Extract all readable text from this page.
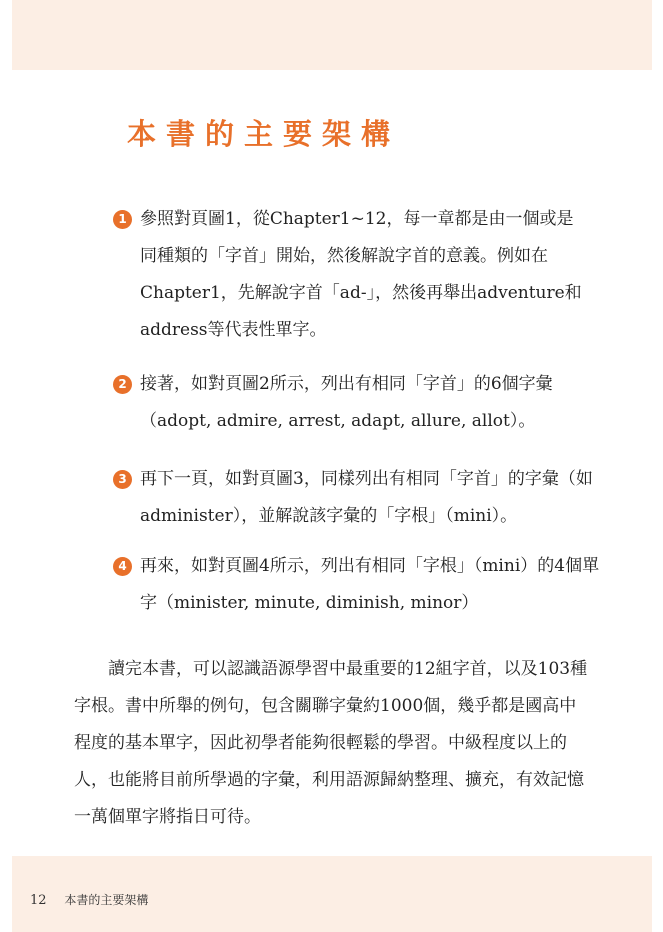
本書的主要架構
1 參照對頁圖1，從Chapter1~12，每一章都是由一個或是
同種類的「字首」開始，然後解說字首的意義。例如在
Chapter1，先解說字首「ad-」，然後再舉出adventure和
address等代表性單字。

2 接著，如對頁圖2所示，列出有相同「字首」的6個字彙
（adopt, admire, arrest, adapt, allure, allot）。

3 再下一頁，如對頁圖3，同樣列出有相同「字首」的字彙（如
administer），並解說該字彙的「字根」（mini）。

4 再來，如對頁圖4所示，列出有相同「字根」（mini）的4個單
字（minister, minute, diminish, minor）

讀完本書，可以認識語源學習中最重要的12組字首，以及103種
字根。書中所舉的例句，包含關聯字彙約1000個，幾乎都是國高中
程度的基本單字，因此初學者能夠很輕鬆的學習。中級程度以上的
人，也能將目前所學過的字彙，利用語源歸納整理、擴充，有效記憶
一萬個單字將指日可待。

12 本書的主要架構
